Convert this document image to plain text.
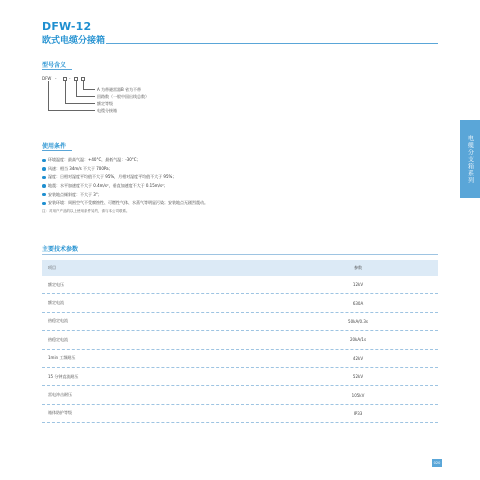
DFW-12
欧式电缆分接箱
型号含义
DFW -	-
A 为带避雷器B 省为不带
回路数（一般中国出线总数）
额定等级
电缆分接箱
使用条件
环境温度：最高气温：+40°C，最低气温：-30°C；
风速：相当 34m/s 不大于 700Pa；
湿度：日相对湿度平均值不大于 95%，月相对湿度平均值不大于 95%；
地震：水平加速度不大于 0.4m/s²，垂直加速度不大于 0.15m/s²；
安装地点倾斜度：不大于 3°；
安装环境：周围空气不受腐蚀性、可燃性气体、水蒸气等明显污染；安装地点无剧烈震动。
注：对用户产品的以上使用条件另约，请与本公司联系。
主要技术参数
项目	参数
额定电压	12kV
额定电流	630A
热稳定电流	50kA/0.3s
热稳定电流	20kA/1s
1min 工频耐压	42kV
15 分钟直流耐压	52kV
雷电冲击耐压	105kV
箱体防护等级	IP33
电缆分支箱系列
020
